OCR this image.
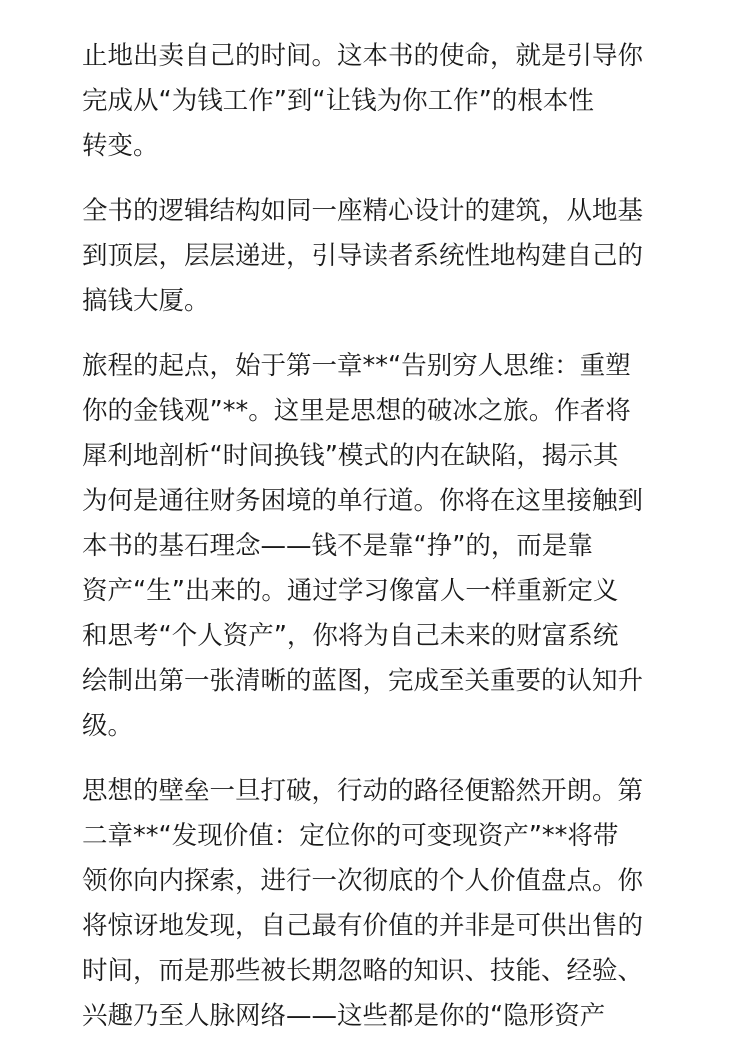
止地出卖自己的时间。这本书的使命，就是引导你
完成从“为钱工作”到“让钱为你工作”的根本性
转变。
全书的逻辑结构如同一座精心设计的建筑，从地基
到顶层，层层递进，引导读者系统性地构建自己的
搞钱大厦。
旅程的起点，始于第一章**“告别穷人思维：重塑
你的金钱观”**。这里是思想的破冰之旅。作者将
犀利地剖析“时间换钱”模式的内在缺陷，揭示其
为何是通往财务困境的单行道。你将在这里接触到
本书的基石理念——钱不是靠“挣”的，而是靠
资产“生”出来的。通过学习像富人一样重新定义
和思考“个人资产”，你将为自己未来的财富系统
绘制出第一张清晰的蓝图，完成至关重要的认知升
级。
思想的壁垒一旦打破，行动的路径便豁然开朗。第
二章**“发现价值：定位你的可变现资产”**将带
领你向内探索，进行一次彻底的个人价值盘点。你
将惊讶地发现，自己最有价值的并非是可供出售的
时间，而是那些被长期忽略的知识、技能、经验、
兴趣乃至人脉网络——这些都是你的“隐形资产
